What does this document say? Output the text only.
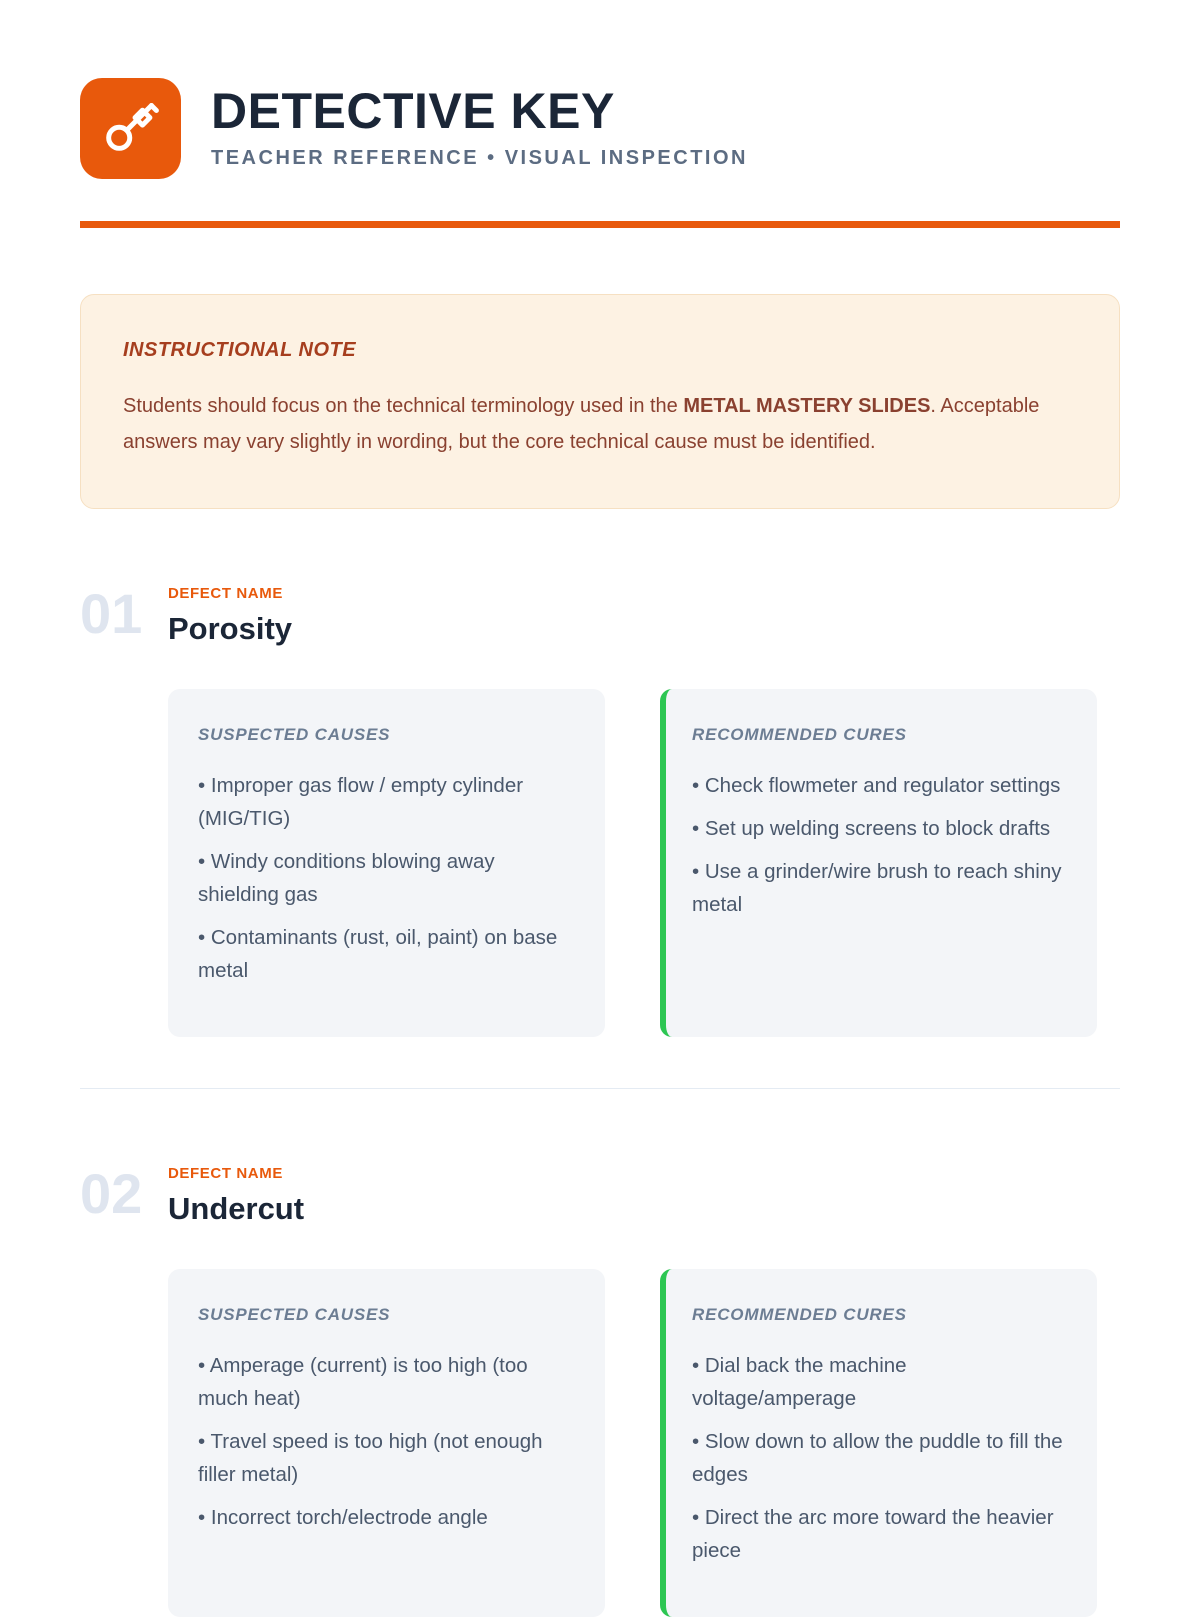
DETECTIVE KEY
TEACHER REFERENCE • VISUAL INSPECTION
INSTRUCTIONAL NOTE

Students should focus on the technical terminology used in the METAL MASTERY SLIDES. Acceptable answers may vary slightly in wording, but the core technical cause must be identified.

01	DEFECT NAME
Porosity
SUSPECTED CAUSES
• Improper gas flow / empty cylinder (MIG/TIG)
• Windy conditions blowing away shielding gas
• Contaminants (rust, oil, paint) on base metal
RECOMMENDED CURES
• Check flowmeter and regulator settings
• Set up welding screens to block drafts
• Use a grinder/wire brush to reach shiny metal
02	DEFECT NAME
Undercut
SUSPECTED CAUSES
• Amperage (current) is too high (too much heat)
• Travel speed is too high (not enough filler metal)
• Incorrect torch/electrode angle
RECOMMENDED CURES
• Dial back the machine voltage/amperage
• Slow down to allow the puddle to fill the edges
• Direct the arc more toward the heavier piece
